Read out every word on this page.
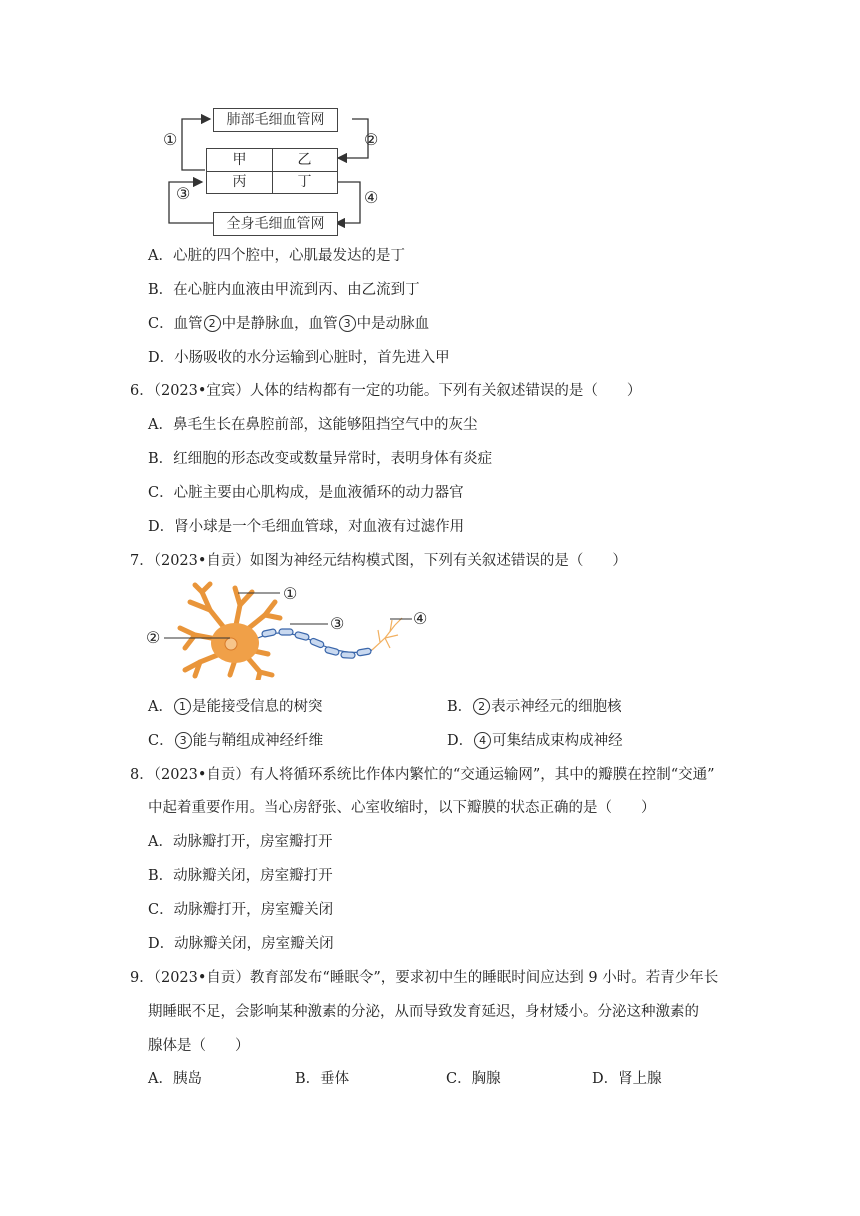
肺部毛细血管网
全身毛细血管网
甲	乙
丙	丁
①	②
③	④
A．心脏的四个腔中，心肌最发达的是丁
B．在心脏内血液由甲流到丙、由乙流到丁
C．血管 2 中是静脉血，血管 3 中是动脉血
D．小肠吸收的水分运输到心脏时，首先进入甲
6．（2023•宜宾）人体的结构都有一定的功能。下列有关叙述错误的是（　　）
A．鼻毛生长在鼻腔前部，这能够阻挡空气中的灰尘
B．红细胞的形态改变或数量异常时，表明身体有炎症
C．心脏主要由心肌构成，是血液循环的动力器官
D．肾小球是一个毛细血管球，对血液有过滤作用
7．（2023•自贡）如图为神经元结构模式图，下列有关叙述错误的是（　　）
①
②
③	④
A． 1 是能接受信息的树突	B． 2 表示神经元的细胞核
C． 3 能与鞘组成神经纤维	D． 4 可集结成束构成神经
8．（2023•自贡）有人将循环系统比作体内繁忙的“交通运输网”，其中的瓣膜在控制“交通”
中起着重要作用。当心房舒张、心室收缩时，以下瓣膜的状态正确的是（　　）
A．动脉瓣打开，房室瓣打开
B．动脉瓣关闭，房室瓣打开
C．动脉瓣打开，房室瓣关闭
D．动脉瓣关闭，房室瓣关闭
9．（2023•自贡）教育部发布“睡眠令”，要求初中生的睡眠时间应达到 9 小时。若青少年长
期睡眠不足，会影响某种激素的分泌，从而导致发育延迟，身材矮小。分泌这种激素的
腺体是（　　）
A．胰岛	B．垂体	C．胸腺	D．肾上腺
